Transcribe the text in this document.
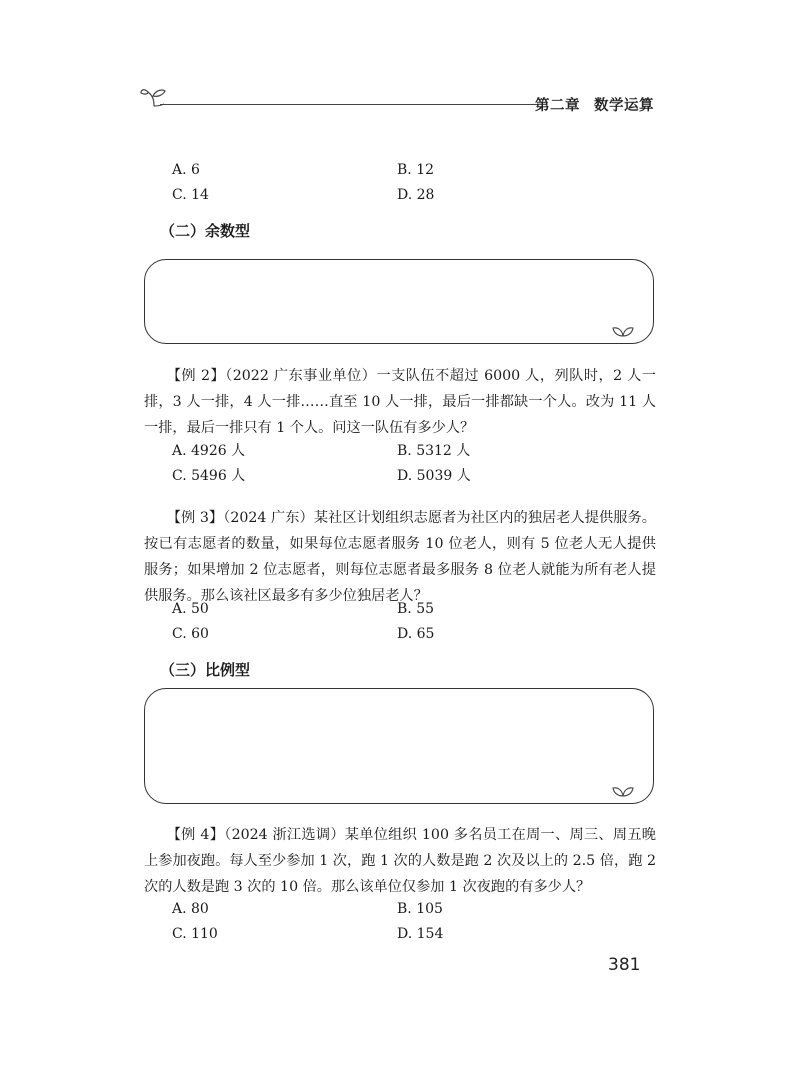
第二章 数学运算
A. 6	B. 12
C. 14	D. 28
（二）余数型

【例 2】（2022 广东事业单位）一支队伍不超过 6000 人，列队时，2 人一排，3 人一排，4 人一排……直至 10 人一排，最后一排都缺一个人。改为 11 人一排，最后一排只有 1 个人。问这一队伍有多少人？

A. 4926 人	B. 5312 人
C. 5496 人	D. 5039 人

【例 3】（2024 广东）某社区计划组织志愿者为社区内的独居老人提供服务。按已有志愿者的数量，如果每位志愿者服务 10 位老人，则有 5 位老人无人提供服务；如果增加 2 位志愿者，则每位志愿者最多服务 8 位老人就能为所有老人提供服务。那么该社区最多有多少位独居老人？

A. 50	B. 55
C. 60	D. 65
（三）比例型

【例 4】（2024 浙江选调）某单位组织 100 多名员工在周一、周三、周五晚上参加夜跑。每人至少参加 1 次，跑 1 次的人数是跑 2 次及以上的 2.5 倍，跑 2 次的人数是跑 3 次的 10 倍。那么该单位仅参加 1 次夜跑的有多少人？

A. 80	B. 105
C. 110	D. 154
381
